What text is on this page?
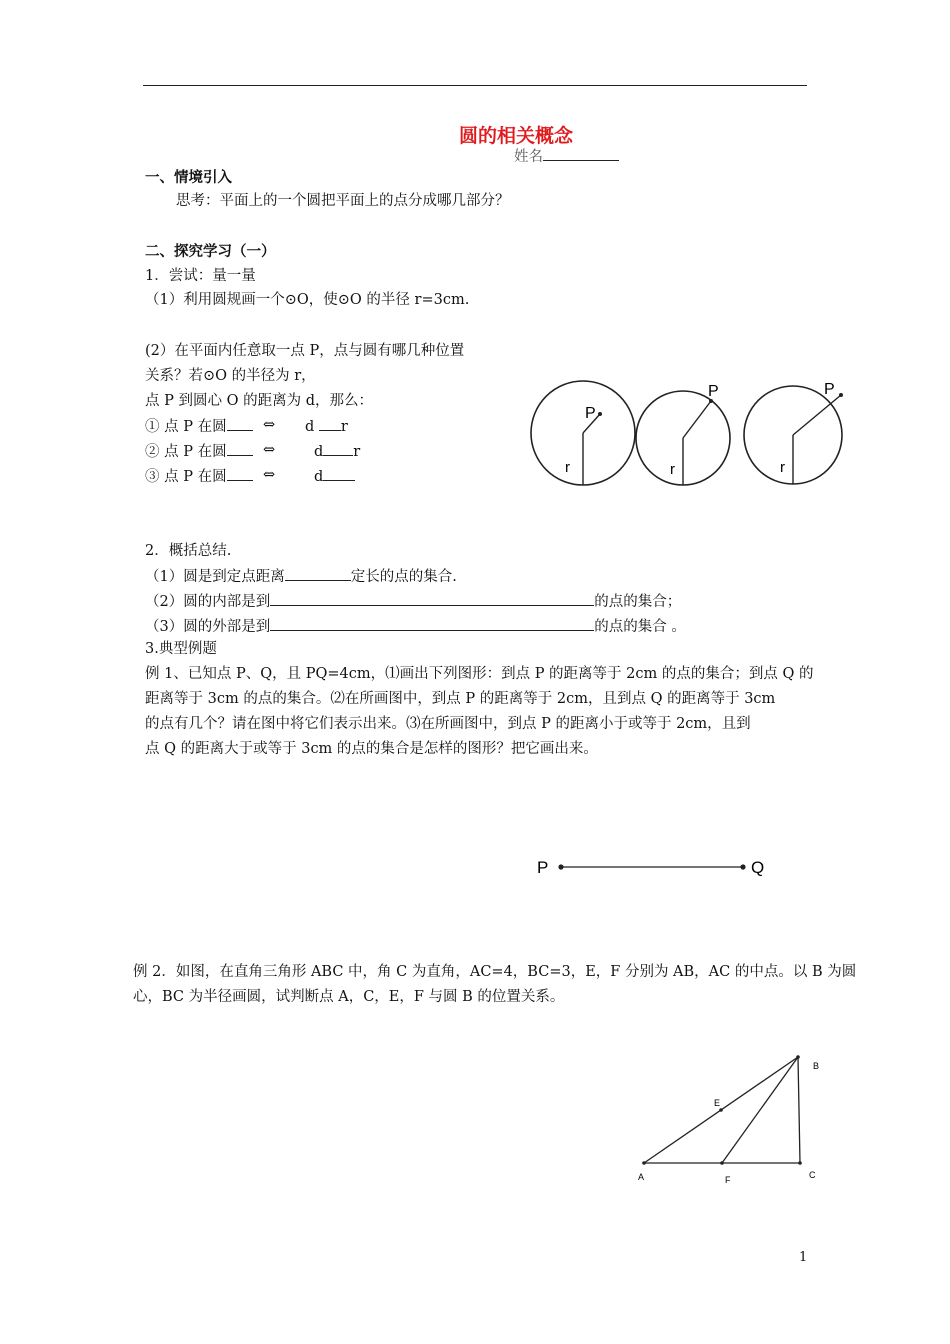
圆的相关概念
姓名
一、情境引入
思考：平面上的一个圆把平面上的点分成哪几部分？
二、探究学习（一）
1．尝试：量一量
（1）利用圆规画一个⊙O，使⊙O 的半径 r=3cm.
(2）在平面内任意取一点 P，点与圆有哪几种位置
关系？若⊙O 的半径为 r，
点 P 到圆心 O 的距离为 d，那么：
① 点 P 在圆	⇔ d r
② 点 P 在圆	⇔	d r
③ 点 P 在圆	⇔	d
P
r
P
r
P
r
2．概括总结.
（1）圆是到定点距离	定长的点的集合.
（2）圆的内部是到	的点的集合；
（3）圆的外部是到	的点的集合 。
3.典型例题
例 1、已知点 P、Q，且 PQ=4cm，⑴画出下列图形：到点 P 的距离等于 2cm 的点的集合；到点 Q 的
距离等于 3cm 的点的集合。⑵在所画图中，到点 P 的距离等于 2cm，且到点 Q 的距离等于 3cm
的点有几个？请在图中将它们表示出来。⑶在所画图中，到点 P 的距离小于或等于 2cm，且到
点 Q 的距离大于或等于 3cm 的点的集合是怎样的图形？把它画出来。
P	Q
例 2．如图，在直角三角形 ABC 中，角 C 为直角，AC=4，BC=3，E，F 分别为 AB，AC 的中点。以 B 为圆
心，BC 为半径画圆，试判断点 A，C，E，F 与圆 B 的位置关系。
A
B
C
E
F
1
